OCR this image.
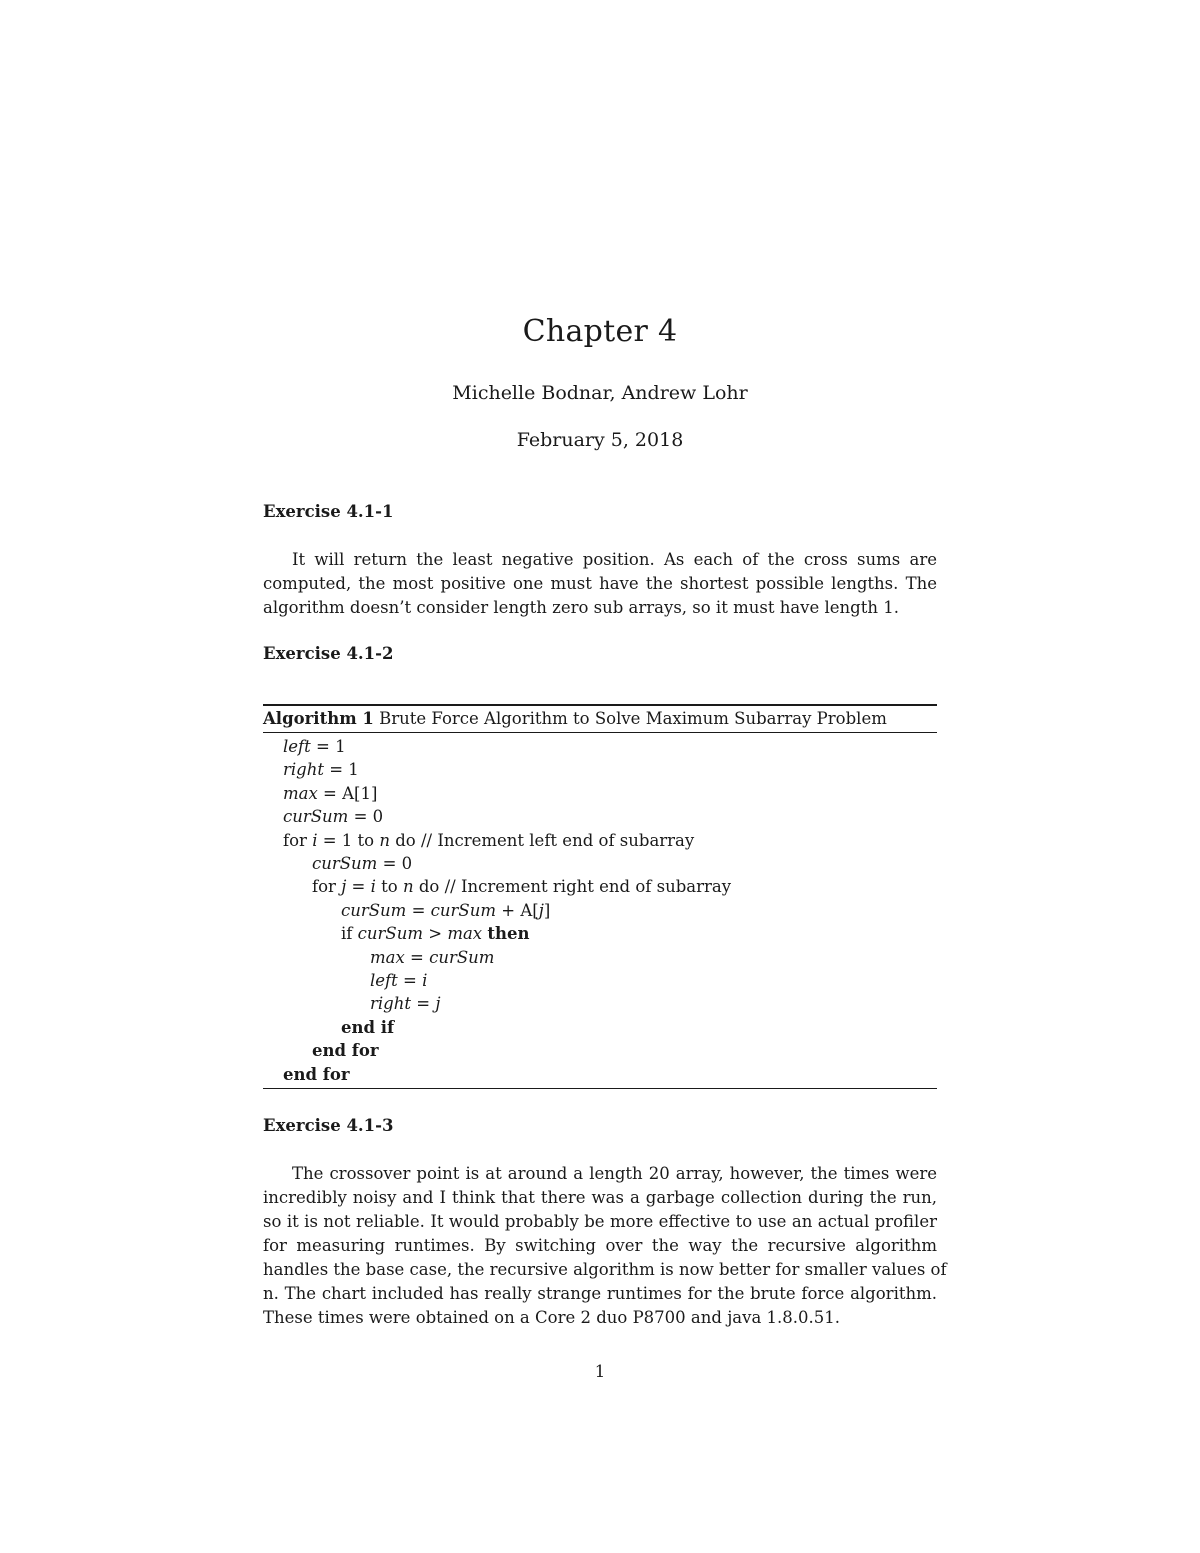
Chapter 4
Michelle Bodnar, Andrew Lohr
February 5, 2018
Exercise 4.1-1
It will return the least negative position. As each of the cross sums are
computed, the most positive one must have the shortest possible lengths. The
algorithm doesn’t consider length zero sub arrays, so it must have length 1.
Exercise 4.1-2
Algorithm 1 Brute Force Algorithm to Solve Maximum Subarray Problem
left = 1
right = 1
max = A[1]
curSum = 0
for i = 1 to n do // Increment left end of subarray
curSum = 0
for j = i to n do // Increment right end of subarray
curSum = curSum + A[j]
if curSum > max then
max = curSum
left = i
right = j
end if
end for
end for
Exercise 4.1-3
The crossover point is at around a length 20 array, however, the times were
incredibly noisy and I think that there was a garbage collection during the run,
so it is not reliable. It would probably be more effective to use an actual profiler
for measuring runtimes. By switching over the way the recursive algorithm
handles the base case, the recursive algorithm is now better for smaller values of
n. The chart included has really strange runtimes for the brute force algorithm.
These times were obtained on a Core 2 duo P8700 and java 1.8.0.51.
1
